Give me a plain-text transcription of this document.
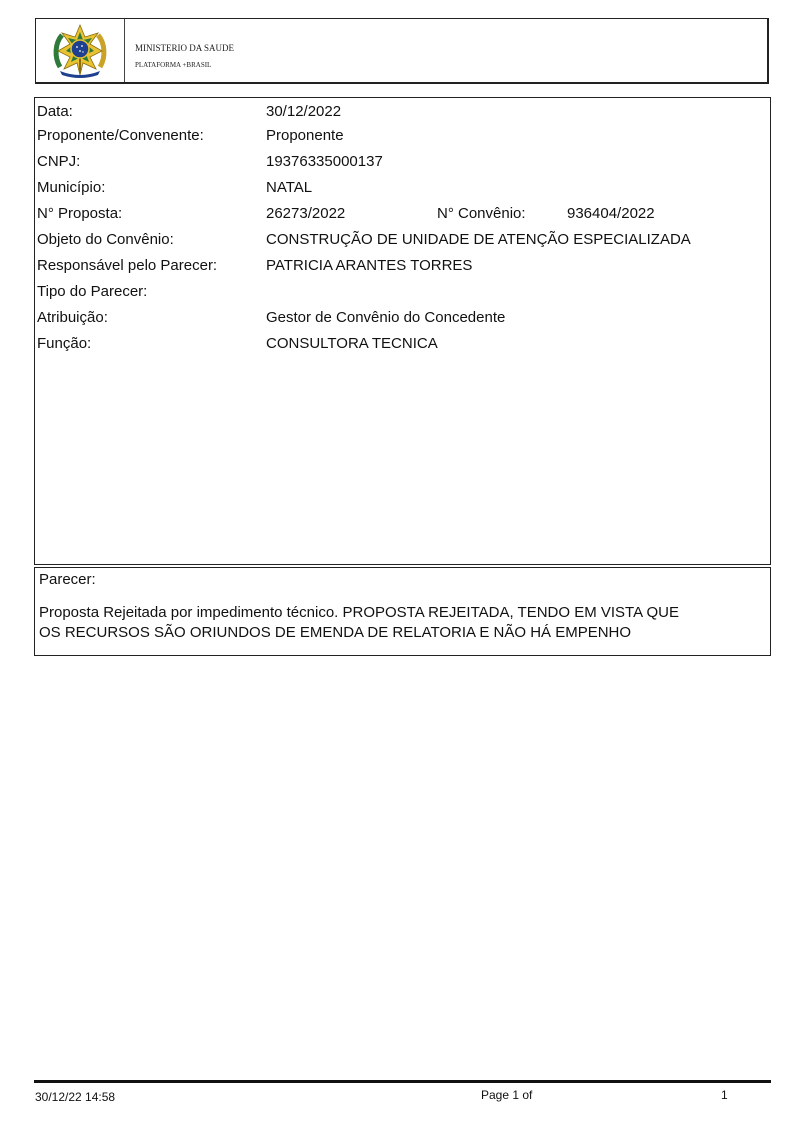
MINISTERIO DA SAUDE
PLATAFORMA +BRASIL
Data:	30/12/2022
Proponente/Convenente:	Proponente
CNPJ:	19376335000137
Município:	NATAL
N° Proposta:	26273/2022	N° Convênio:	936404/2022
Objeto do Convênio:	CONSTRUÇÃO DE UNIDADE DE ATENÇÃO ESPECIALIZADA
Responsável pelo Parecer:	PATRICIA ARANTES TORRES
Tipo do Parecer:
Atribuição:	Gestor de Convênio do Concedente
Função:	CONSULTORA TECNICA
Parecer:
Proposta Rejeitada por impedimento técnico. PROPOSTA REJEITADA, TENDO EM VISTA QUE
OS RECURSOS SÃO ORIUNDOS DE EMENDA DE RELATORIA E NÃO HÁ EMPENHO
30/12/22 14:58	Page 1 of	1
